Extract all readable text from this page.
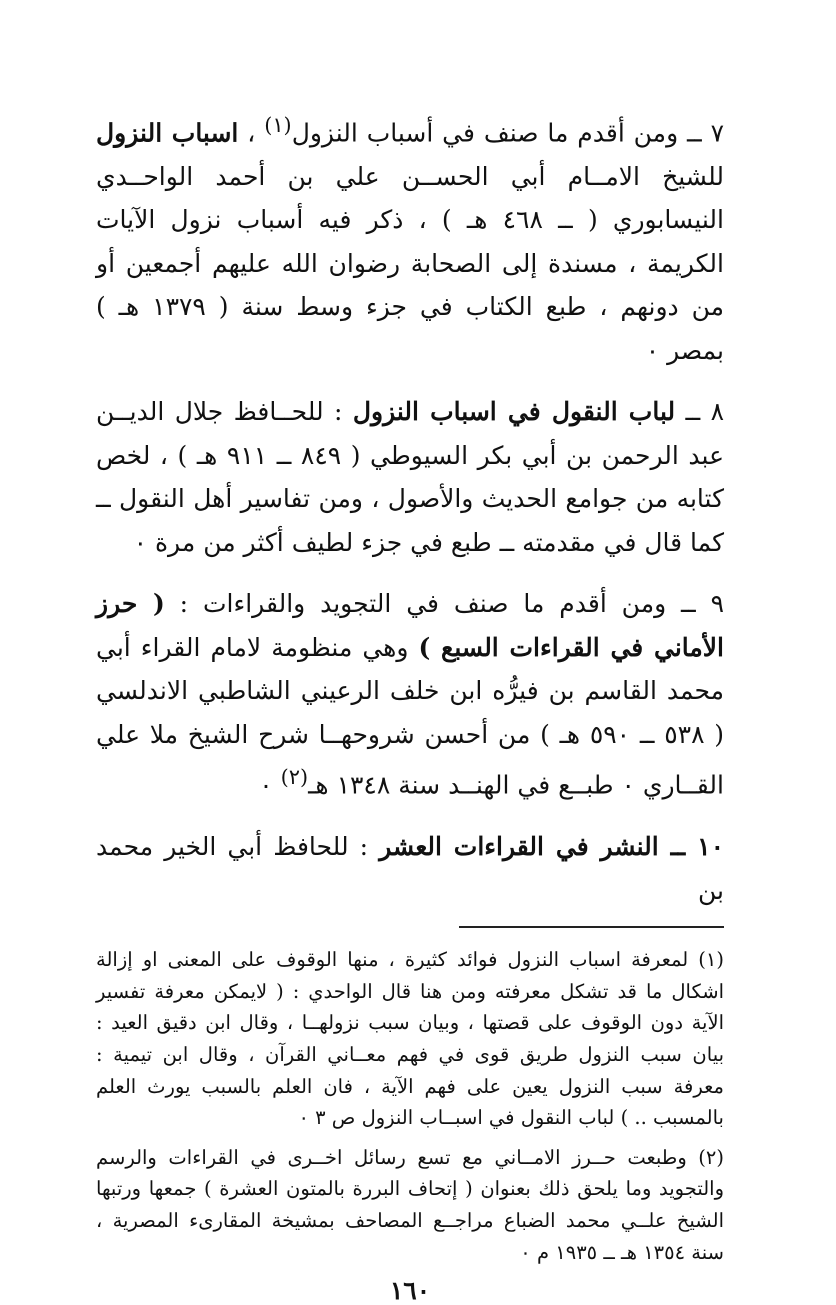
٧ ــ ومن أقدم ما صنف في أسباب النزول$^{(١)}$ ، اسباب النزول للشيخ الامــام أبي الحســن علي بن أحمد الواحــدي النيسابوري ( ــ ٤٦٨ هـ ) ، ذكر فيه أسباب نزول الآيات الكريمة ، مسندة إلى الصحابة رضوان الله عليهم أجمعين أو من دونهم ، طبع الكتاب في جزء وسط سنة ( ١٣٧٩ هـ ) بمصر ٠

٨ ــ لباب النقول في اسباب النزول : للحــافظ جلال الديــن عبد الرحمن بن أبي بكر السيوطي ( ٨٤٩ ــ ٩١١ هـ ) ، لخص كتابه من جوامع الحديث والأصول ، ومن تفاسير أهل النقول ــ كما قال في مقدمته ــ طبع في جزء لطيف أكثر من مرة ٠

٩ ــ ومن أقدم ما صنف في التجويد والقراءات : ( حرز الأماني في القراءات السبع ) وهي منظومة لامام القراء أبي محمد القاسم بن فيرُّه ابن خلف الرعيني الشاطبي الاندلسي ( ٥٣٨ ــ ٥٩٠ هـ ) من أحسن شروحهــا شرح الشيخ ملا علي القــاري ٠ طبــع في الهنــد سنة ١٣٤٨ هـ$^{(٢)}$ ٠

١٠ ــ النشر في القراءات العشر : للحافظ أبي الخير محمد بن

(١) لمعرفة اسباب النزول فوائد كثيرة ، منها الوقوف على المعنى او إزالة اشكال ما قد تشكل معرفته ومن هنا قال الواحدي : ( لايمكن معرفة تفسير الآية دون الوقوف على قصتها ، وبيان سبب نزولهــا ، وقال ابن دقيق العيد : بيان سبب النزول طريق قوى في فهم معــاني القرآن ، وقال ابن تيمية : معرفة سبب النزول يعين على فهم الآية ، فان العلم بالسبب يورث العلم بالمسبب .. ) لباب النقول في اسبــاب النزول ص ٣ ٠

(٢) وطبعت حــرز الامــاني مع تسع رسائل اخــرى في القراءات والرسم والتجويد وما يلحق ذلك بعنوان ( إتحاف البررة بالمتون العشرة ) جمعها ورتبها الشيخ علــي محمد الضباع مراجــع المصاحف بمشيخة المقارىء المصرية ، سنة ١٣٥٤ هـ ــ ١٩٣٥ م ٠

١٦٠
